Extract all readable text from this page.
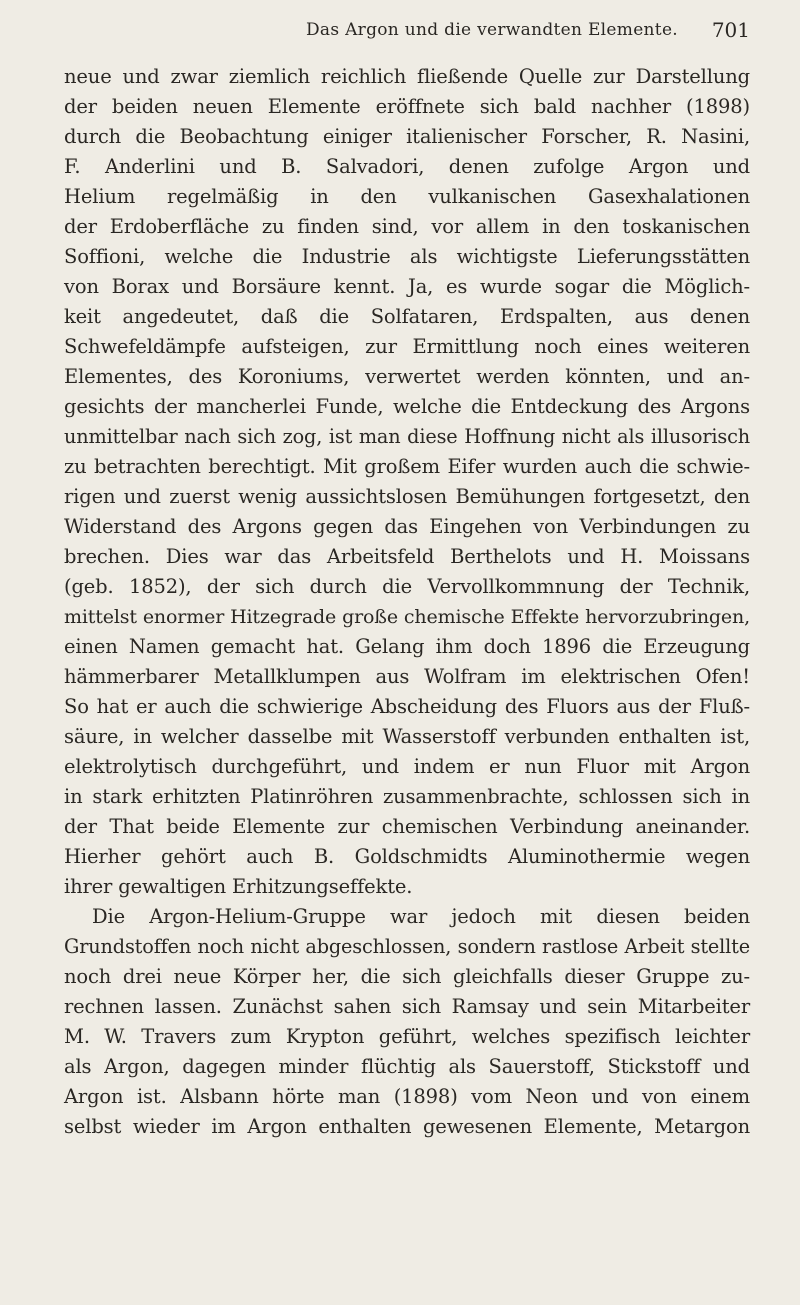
Das Argon und die verwandten Elemente.	701
neue und zwar ziemlich reichlich fließende Quelle zur Darstellung
der beiden neuen Elemente eröffnete sich bald nachher (1898)
durch die Beobachtung einiger italienischer Forscher, R. Nasini,
F. Anderlini und B. Salvadori, denen zufolge Argon und
Helium regelmäßig in den vulkanischen Gasexhalationen
der Erdoberfläche zu finden sind, vor allem in den toskanischen
Soffioni, welche die Industrie als wichtigste Lieferungsstätten
von Borax und Borsäure kennt. Ja, es wurde sogar die Möglich-
keit angedeutet, daß die Solfataren, Erdspalten, aus denen
Schwefeldämpfe aufsteigen, zur Ermittlung noch eines weiteren
Elementes, des Koroniums, verwertet werden könnten, und an-
gesichts der mancherlei Funde, welche die Entdeckung des Argons
unmittelbar nach sich zog, ist man diese Hoffnung nicht als illusorisch
zu betrachten berechtigt. Mit großem Eifer wurden auch die schwie-
rigen und zuerst wenig aussichtslosen Bemühungen fortgesetzt, den
Widerstand des Argons gegen das Eingehen von Verbindungen zu
brechen. Dies war das Arbeitsfeld Berthelots und H. Moissans
(geb. 1852), der sich durch die Vervollkommnung der Technik,
mittelst enormer Hitzegrade große chemische Effekte hervorzubringen,
einen Namen gemacht hat. Gelang ihm doch 1896 die Erzeugung
hämmerbarer Metallklumpen aus Wolfram im elektrischen Ofen!
So hat er auch die schwierige Abscheidung des Fluors aus der Fluß-
säure, in welcher dasselbe mit Wasserstoff verbunden enthalten ist,
elektrolytisch durchgeführt, und indem er nun Fluor mit Argon
in stark erhitzten Platinröhren zusammenbrachte, schlossen sich in
der That beide Elemente zur chemischen Verbindung aneinander.
Hierher gehört auch B. Goldschmidts Aluminothermie wegen
ihrer gewaltigen Erhitzungseffekte.
Die Argon-Helium-Gruppe war jedoch mit diesen beiden
Grundstoffen noch nicht abgeschlossen, sondern rastlose Arbeit stellte
noch drei neue Körper her, die sich gleichfalls dieser Gruppe zu-
rechnen lassen. Zunächst sahen sich Ramsay und sein Mitarbeiter
M. W. Travers zum Krypton geführt, welches spezifisch leichter
als Argon, dagegen minder flüchtig als Sauerstoff, Stickstoff und
Argon ist. Alsbann hörte man (1898) vom Neon und von einem
selbst wieder im Argon enthalten gewesenen Elemente, Metargon
